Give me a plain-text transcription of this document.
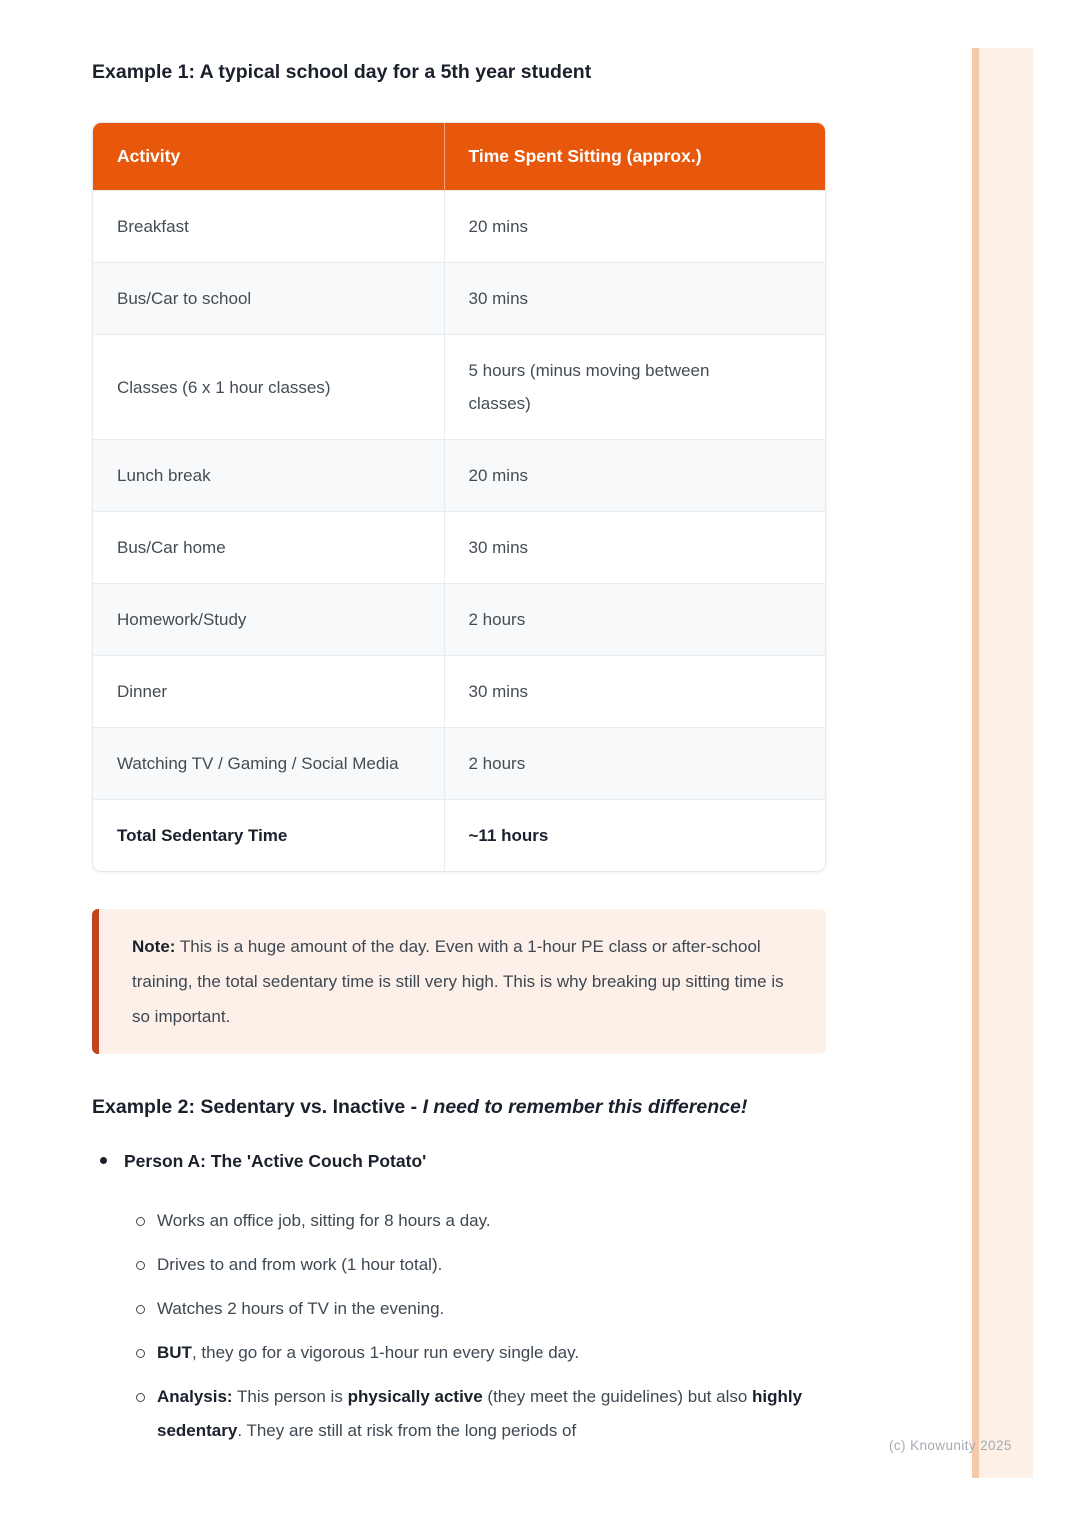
(c) Knowunity 2025
Example 1: A typical school day for a 5th year student
Activity	Time Spent Sitting (approx.)
Breakfast	20 mins
Bus/Car to school	30 mins
Classes (6 x 1 hour classes)	5 hours (minus moving between classes)
Lunch break	20 mins
Bus/Car home	30 mins
Homework/Study	2 hours
Dinner	30 mins
Watching TV / Gaming / Social Media	2 hours
Total Sedentary Time	~11 hours

Note: This is a huge amount of the day. Even with a 1-hour PE class or after-school training, the total sedentary time is still very high. This is why breaking up sitting time is so important.

Example 2: Sedentary vs. Inactive - I need to remember this difference!
Person A: The 'Active Couch Potato'
Works an office job, sitting for 8 hours a day.
Drives to and from work (1 hour total).
Watches 2 hours of TV in the evening.
BUT, they go for a vigorous 1-hour run every single day.
Analysis: This person is physically active (they meet the guidelines) but also highly sedentary. They are still at risk from the long periods of
